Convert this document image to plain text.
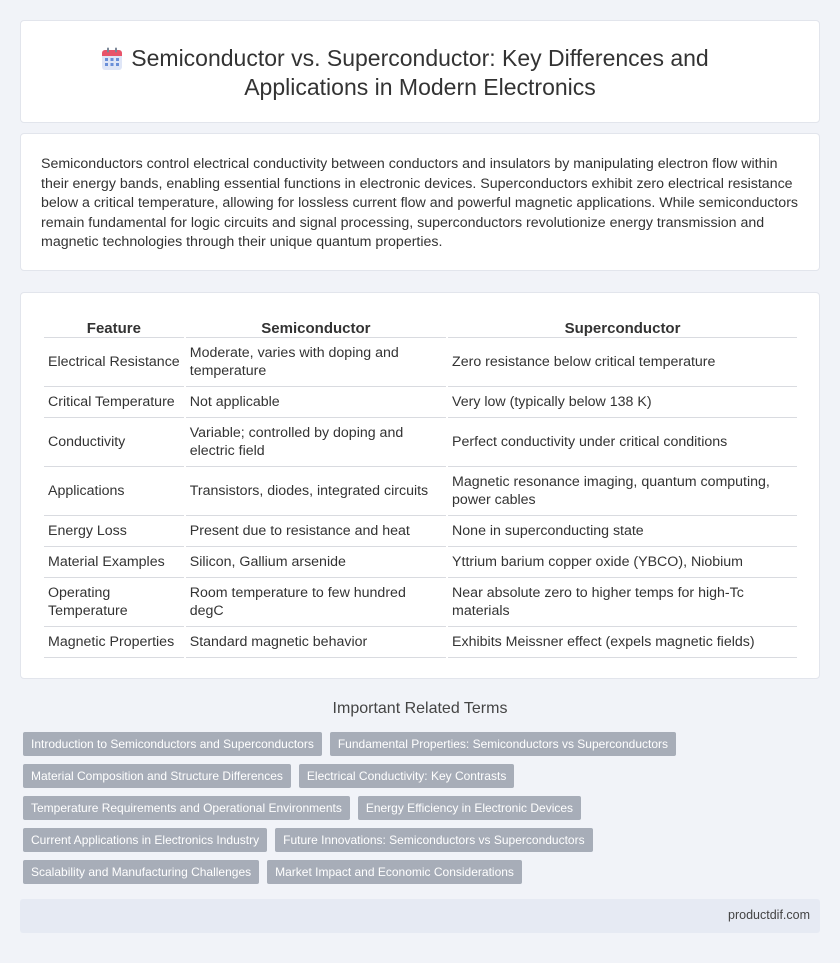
Semiconductor vs. Superconductor: Key Differences and Applications in Modern Electronics

Semiconductors control electrical conductivity between conductors and insulators by manipulating electron flow within their energy bands, enabling essential functions in electronic devices. Superconductors exhibit zero electrical resistance below a critical temperature, allowing for lossless current flow and powerful magnetic applications. While semiconductors remain fundamental for logic circuits and signal processing, superconductors revolutionize energy transmission and magnetic technologies through their unique quantum properties.

Feature	Semiconductor	Superconductor
Electrical Resistance	Moderate, varies with doping and temperature	Zero resistance below critical temperature
Critical Temperature	Not applicable	Very low (typically below 138 K)
Conductivity	Variable; controlled by doping and electric field	Perfect conductivity under critical conditions
Applications	Transistors, diodes, integrated circuits	Magnetic resonance imaging, quantum computing, power cables
Energy Loss	Present due to resistance and heat	None in superconducting state
Material Examples	Silicon, Gallium arsenide	Yttrium barium copper oxide (YBCO), Niobium
Operating Temperature	Room temperature to few hundred degC	Near absolute zero to higher temps for high-Tc materials
Magnetic Properties	Standard magnetic behavior	Exhibits Meissner effect (expels magnetic fields)
Important Related Terms
Introduction to Semiconductors and Superconductors	Fundamental Properties: Semiconductors vs Superconductors
Material Composition and Structure Differences	Electrical Conductivity: Key Contrasts
Temperature Requirements and Operational Environments	Energy Efficiency in Electronic Devices
Current Applications in Electronics Industry	Future Innovations: Semiconductors vs Superconductors
Scalability and Manufacturing Challenges	Market Impact and Economic Considerations
productdif.com
